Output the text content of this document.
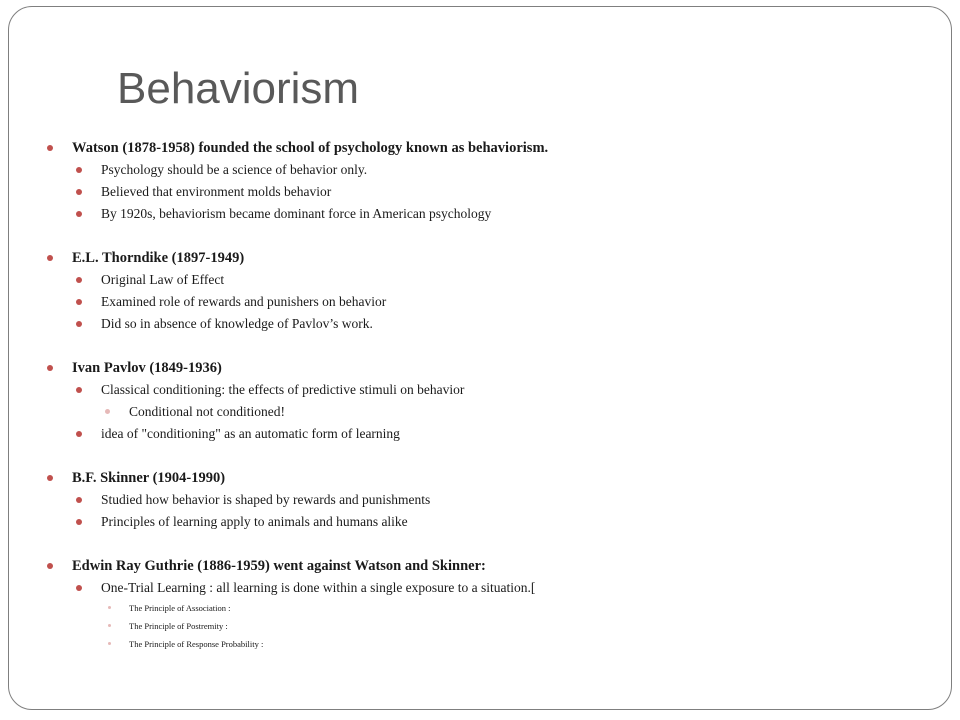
Behaviorism
Watson (1878-1958) founded the school of psychology known as behaviorism.
Psychology should be a science of behavior only.
Believed that environment molds behavior
By 1920s, behaviorism became dominant force in American psychology
E.L. Thorndike (1897-1949)
Original Law of Effect
Examined role of rewards and punishers on behavior
Did so in absence of knowledge of Pavlov’s work.
Ivan Pavlov (1849-1936)
Classical conditioning: the effects of predictive stimuli on behavior
Conditional not conditioned!
idea of "conditioning" as an automatic form of learning
B.F. Skinner (1904-1990)
Studied how behavior is shaped by rewards and punishments
Principles of learning apply to animals and humans alike
Edwin Ray Guthrie (1886-1959) went against Watson and Skinner:
One-Trial Learning : all learning is done within a single exposure to a situation.[
The Principle of Association :
The Principle of Postremity :
The Principle of Response Probability :
